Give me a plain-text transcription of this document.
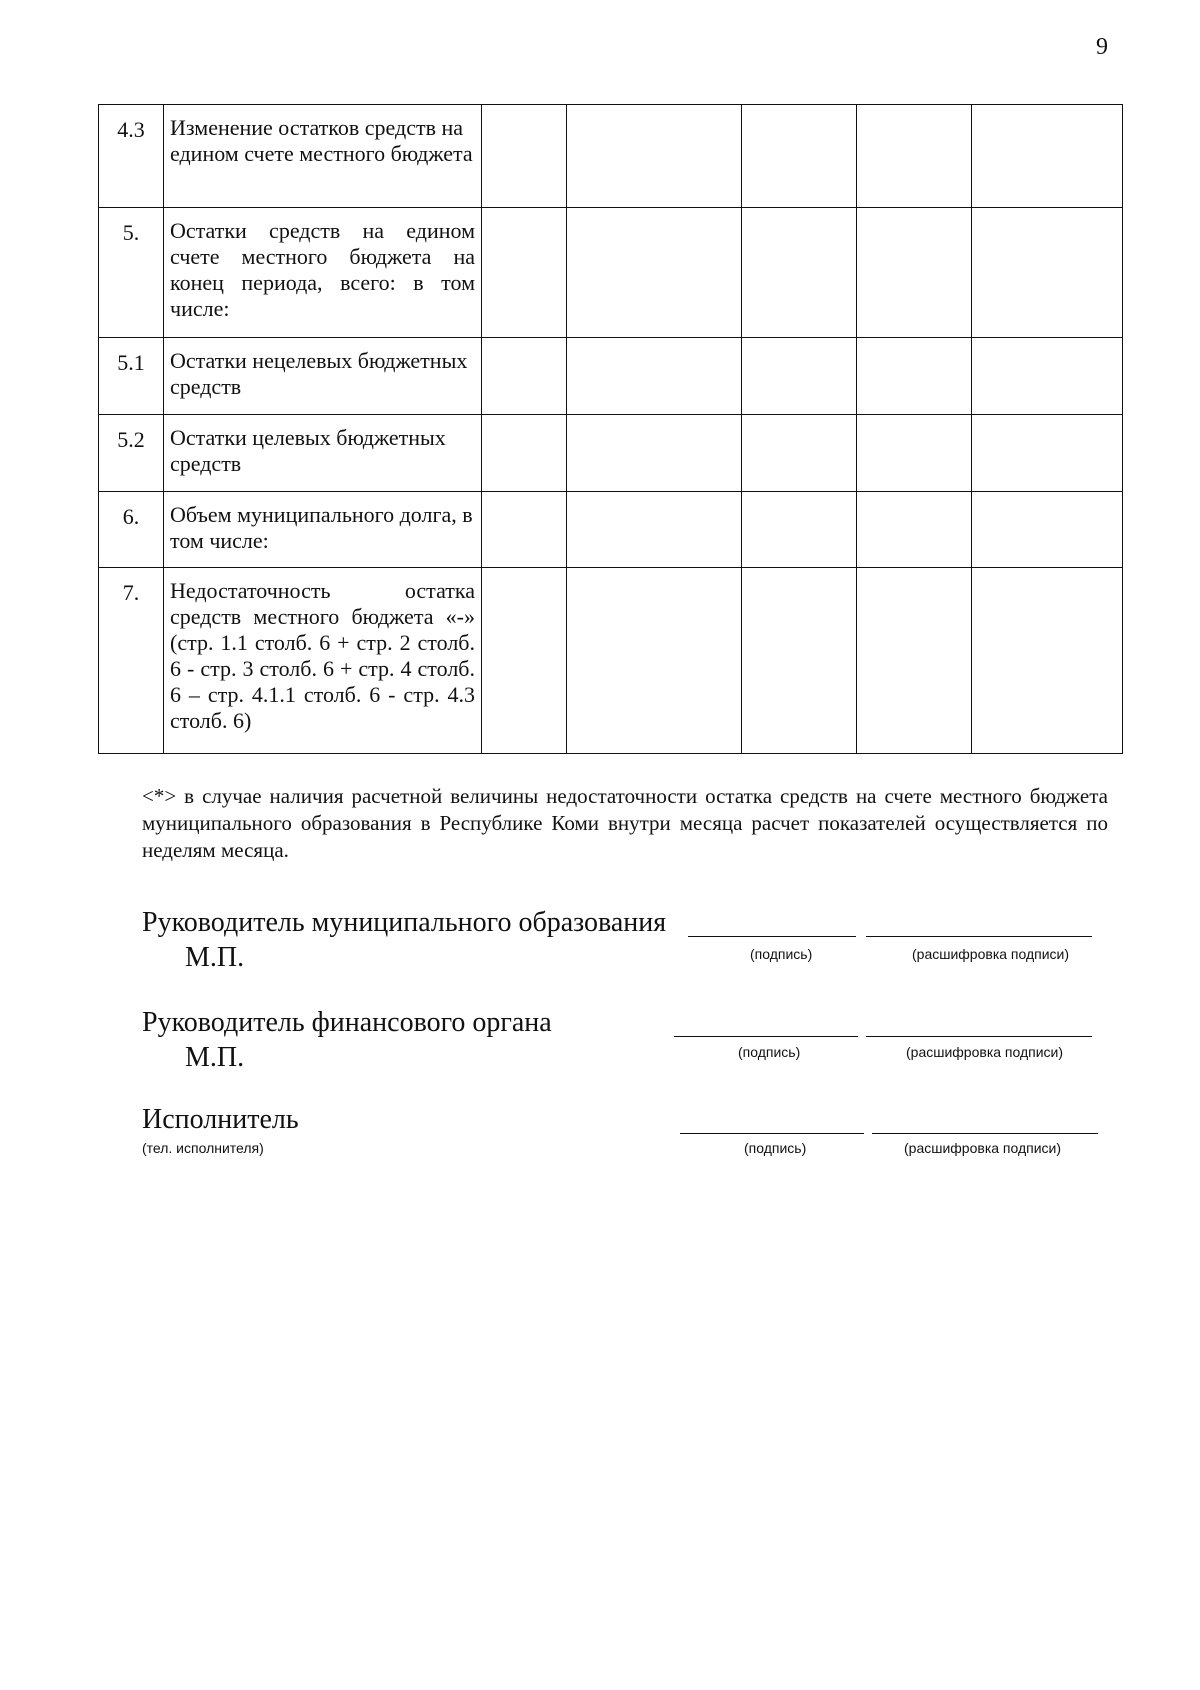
9
4.3	Изменение остатков средств на едином счете местного бюджета					
5.	Остатки средств на едином счете местного бюджета на конец периода, всего: в том числе:					
5.1	Остатки нецелевых бюджетных средств					
5.2	Остатки целевых бюджетных средств					
6.	Объем муниципального долга, в том числе:					
7.	Недостаточность остатка средств местного бюджета «-» (стр. 1.1 столб. 6 + стр. 2 столб. 6 - стр. 3 столб. 6 + стр. 4 столб. 6 – стр. 4.1.1 столб. 6 - стр. 4.3 столб. 6)					
<*> в случае наличия расчетной величины недостаточности остатка средств на счете местного бюджета муниципального образования в Республике Коми внутри месяца расчет показателей осуществляется по неделям месяца.
Руководитель муниципального образования
М.П.	(подпись)	(расшифровка подписи)
Руководитель финансового органа
М.П.	(подпись)	(расшифровка подписи)
Исполнитель
(тел. исполнителя)	(подпись)	(расшифровка подписи)
